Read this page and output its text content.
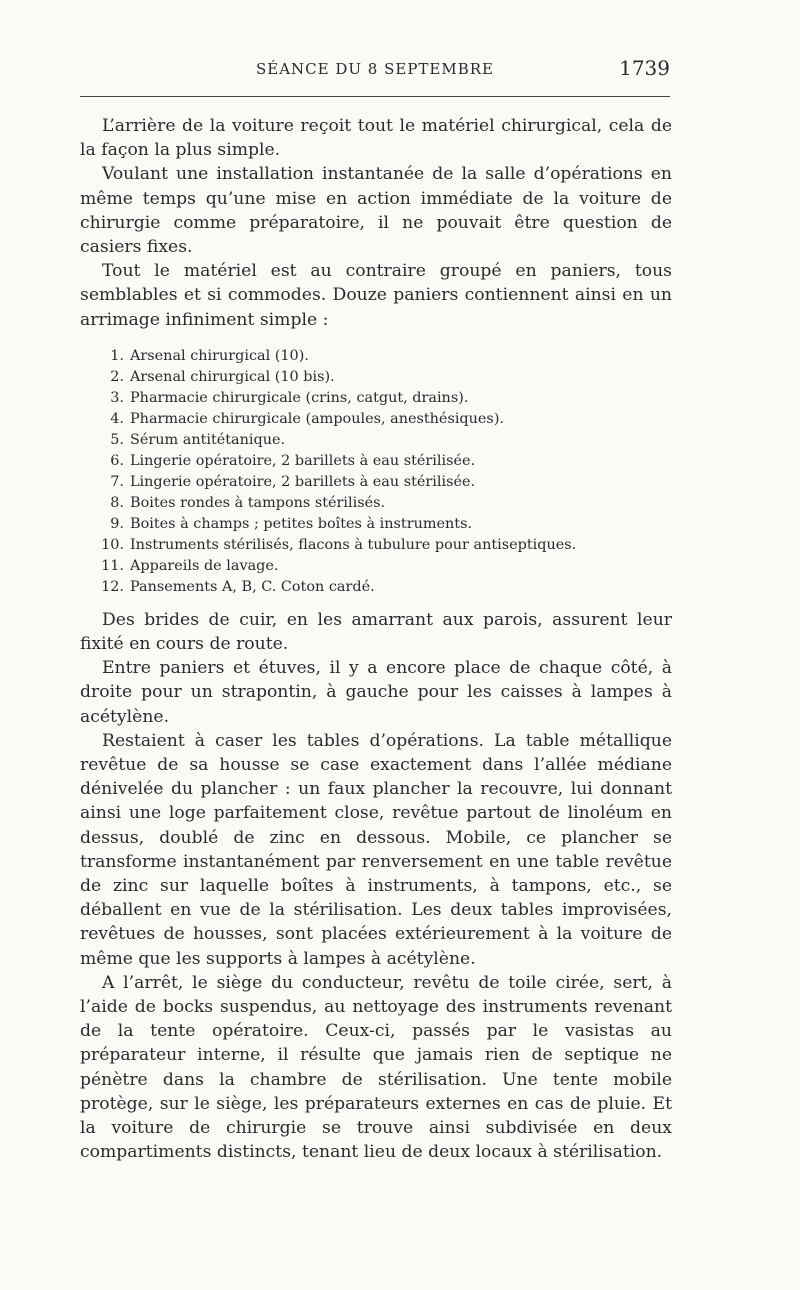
SÉANCE DU 8 SEPTEMBRE	1739

L’arrière de la voiture reçoit tout le matériel chirurgical, cela de la façon la plus simple.

Voulant une installation instantanée de la salle d’opérations en même temps qu’une mise en action immédiate de la voiture de chirurgie comme préparatoire, il ne pouvait être question de casiers fixes.

Tout le matériel est au contraire groupé en paniers, tous semblables et si commodes. Douze paniers contiennent ainsi en un arrimage infiniment simple :

1. Arsenal chirurgical (10).
2. Arsenal chirurgical (10 bis).
3. Pharmacie chirurgicale (crins, catgut, drains).
4. Pharmacie chirurgicale (ampoules, anesthésiques).
5. Sérum antitétanique.
6. Lingerie opératoire, 2 barillets à eau stérilisée.
7. Lingerie opératoire, 2 barillets à eau stérilisée.
8. Boites rondes à tampons stérilisés.
9. Boites à champs ; petites boîtes à instruments.
10. Instruments stérilisés, flacons à tubulure pour antiseptiques.
11. Appareils de lavage.
12. Pansements A, B, C. Coton cardé.

Des brides de cuir, en les amarrant aux parois, assurent leur fixité en cours de route.

Entre paniers et étuves, il y a encore place de chaque côté, à droite pour un strapontin, à gauche pour les caisses à lampes à acétylène.

Restaient à caser les tables d’opérations. La table métallique revêtue de sa housse se case exactement dans l’allée médiane dénivelée du plancher : un faux plancher la recouvre, lui donnant ainsi une loge parfaitement close, revêtue partout de linoléum en dessus, doublé de zinc en dessous. Mobile, ce plancher se transforme instantanément par renversement en une table revêtue de zinc sur laquelle boîtes à instruments, à tampons, etc., se déballent en vue de la stérilisation. Les deux tables improvisées, revêtues de housses, sont placées extérieurement à la voiture de même que les supports à lampes à acétylène.

A l’arrêt, le siège du conducteur, revêtu de toile cirée, sert, à l’aide de bocks suspendus, au nettoyage des instruments revenant de la tente opératoire. Ceux-ci, passés par le vasistas au préparateur interne, il résulte que jamais rien de septique ne pénètre dans la chambre de stérilisation. Une tente mobile protège, sur le siège, les préparateurs externes en cas de pluie. Et la voiture de chirurgie se trouve ainsi subdivisée en deux compartiments distincts, tenant lieu de deux locaux à stérilisation.
